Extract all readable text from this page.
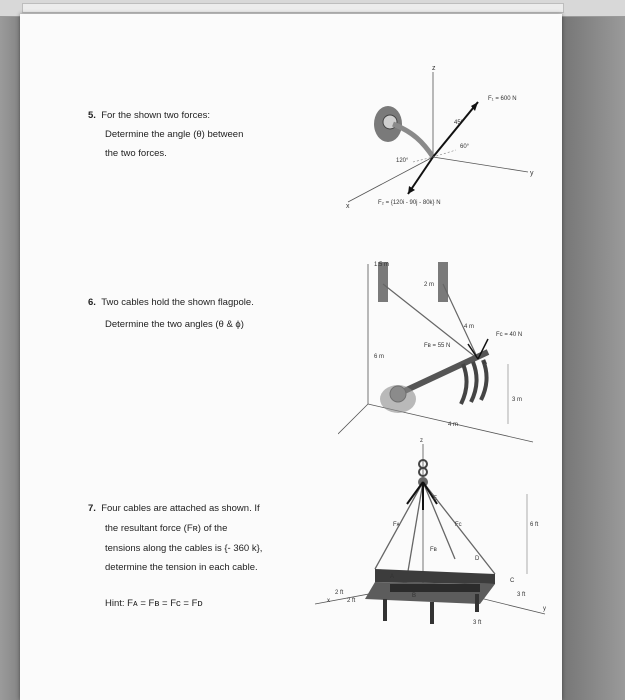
5. For the shown two forces:
Determine the angle (θ) between
the two forces.
6. Two cables hold the shown flagpole.
Determine the two angles (θ & ϕ)
7. Four cables are attached as shown. If
the resultant force (Fʀ) of the
tensions along the cables is {- 360 k},
determine the tension in each cable.
Hint: Fᴀ = Fʙ = Fᴄ = Fᴅ
z
y
x
F₁ = 600 N
45°
60°
120°
F₂ = {120i - 90j - 80k} N
1.5 m
2 m
4 m
Fᴄ = 40 N
Fʙ = 55 N
6 m
A
3 m
4 m
z
E
Fᴀ	Fᴄ
Fʙ
6 ft
D
A
C
B
2 ft
2 ft
3 ft
3 ft
x
y
